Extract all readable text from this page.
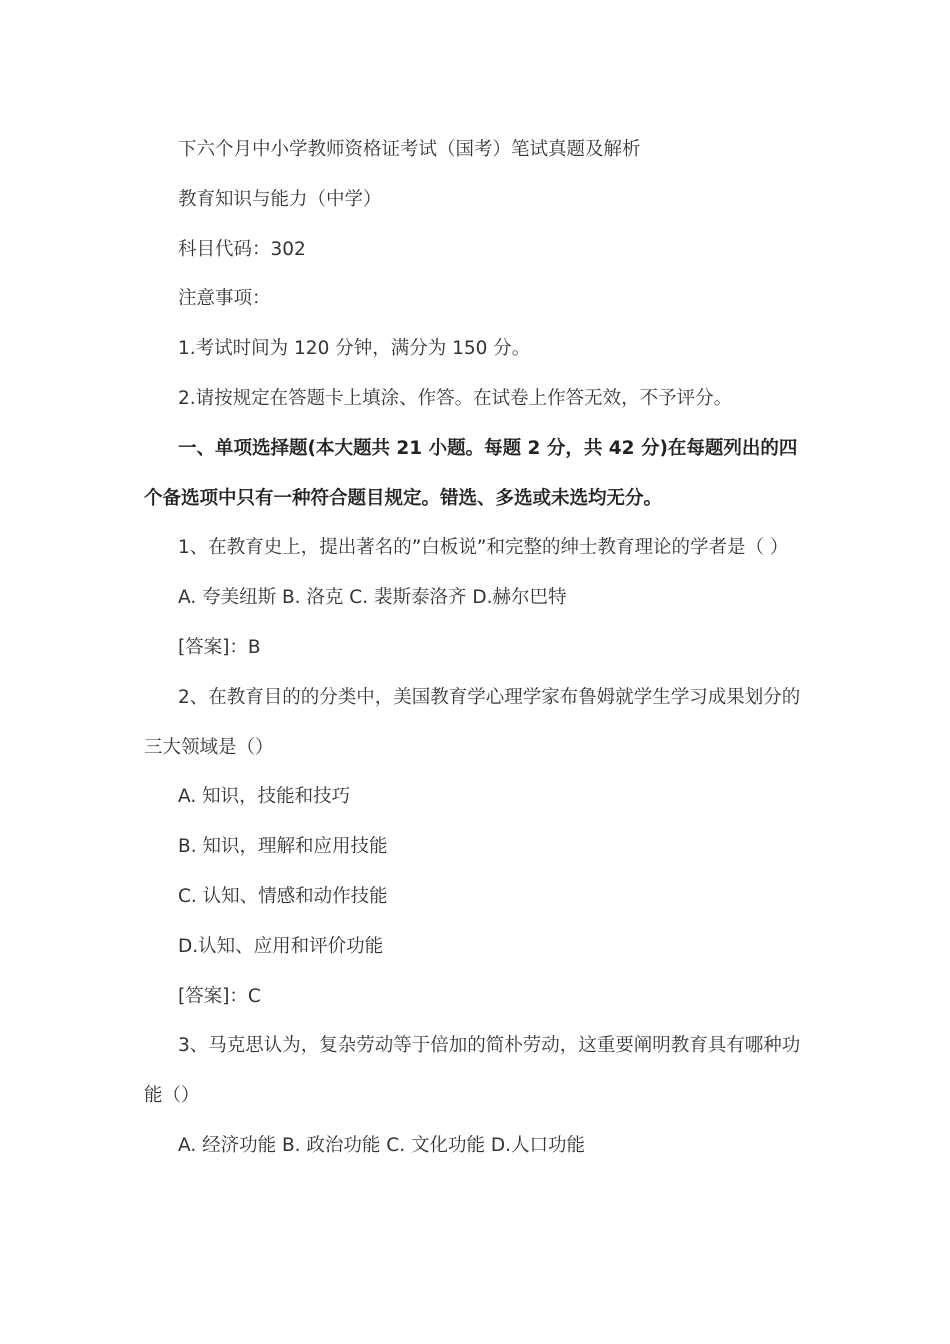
下六个月中小学教师资格证考试（国考）笔试真题及解析

教育知识与能力（中学）

科目代码：302

注意事项：

1.考试时间为 120 分钟，满分为 150 分。

2.请按规定在答题卡上填涂、作答。在试卷上作答无效，不予评分。

一、单项选择题(本大题共 21 小题。每题 2 分，共 42 分)在每题列出的四个备选项中只有一种符合题目规定。错选、多选或未选均无分。

1、在教育史上，提出著名的”白板说”和完整的绅士教育理论的学者是（ ）

A. 夸美纽斯 B. 洛克 C. 裴斯泰洛齐 D.赫尔巴特

[答案]：B

2、在教育目的的分类中，美国教育学心理学家布鲁姆就学生学习成果划分的三大领域是（）

A. 知识，技能和技巧

B. 知识，理解和应用技能

C. 认知、情感和动作技能

D.认知、应用和评价功能

[答案]：C

3、马克思认为，复杂劳动等于倍加的简朴劳动，这重要阐明教育具有哪种功能（）

A. 经济功能 B. 政治功能 C. 文化功能 D.人口功能
